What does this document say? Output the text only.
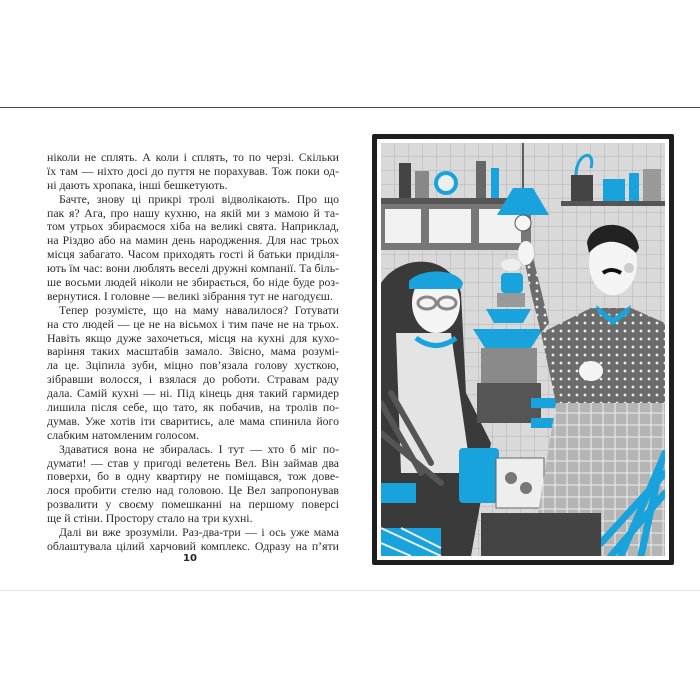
ніколи не сплять. А коли і сплять, то по черзі. Скільки
їх там — ніхто досі до пуття не порахував. Тож поки од-
ні дають хропака, інші бешкетують.
Бачте, знову ці прикрі тролі відволікають. Про що
пак я? Ага, про нашу кухню, на якій ми з мамою й та-
том утрьох збираємося хіба на великі свята. Наприклад,
на Різдво або на мамин день народження. Для нас трьох
місця забагато. Часом приходять гості й батьки приділя-
ють їм час: вони люблять веселі дружні компанії. Та біль-
ше восьми людей ніколи не збирається, бо ніде буде роз-
вернутися. І головне — великі зібрання тут не нагодуєш.
Тепер розумієте, що на маму навалилося? Готувати
на сто людей — це не на вісьмох і тим паче не на трьох.
Навіть якщо дуже захочеться, місця на кухні для кухо-
варіння таких масштабів замало. Звісно, мама розумі-
ла це. Зціпила зуби, міцно пов’язала голову хусткою,
зібравши волосся, і взялася до роботи. Стравам раду
дала. Самій кухні — ні. Під кінець дня такий гармидер
лишила після себе, що тато, як побачив, на тролів по-
думав. Уже хотів іти сваритись, але мама спинила його
слабким натомленим голосом.
Здаватися вона не збиралась. І тут — хто б міг по-
думати! — став у пригоді велетень Вел. Він займав два
поверхи, бо в одну квартиру не поміщався, тож дове-
лося пробити стелю над головою. Це Вел запропонував
розвалити у своєму помешканні на першому поверсі
ще й стіни. Простору стало на три кухні.
Далі ви вже зрозуміли. Раз-два-три — і ось уже мама
облаштувала цілий харчовий комплекс. Одразу на п’яти
10
